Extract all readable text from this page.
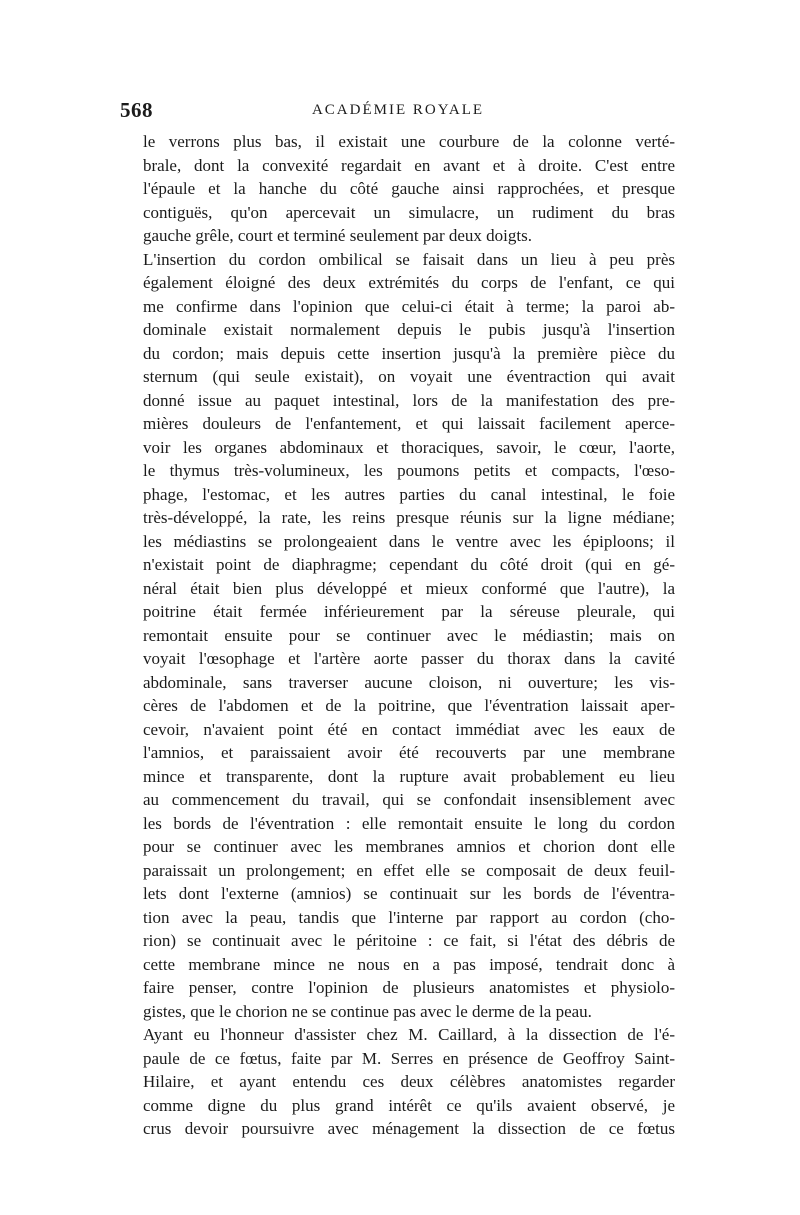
568	ACADÉMIE ROYALE
le verrons plus bas, il existait une courbure de la colonne verté-
brale, dont la convexité regardait en avant et à droite. C'est entre
l'épaule et la hanche du côté gauche ainsi rapprochées, et presque
contiguës, qu'on apercevait un simulacre, un rudiment du bras
gauche grêle, court et terminé seulement par deux doigts.
L'insertion du cordon ombilical se faisait dans un lieu à peu près
également éloigné des deux extrémités du corps de l'enfant, ce qui
me confirme dans l'opinion que celui-ci était à terme; la paroi ab-
dominale existait normalement depuis le pubis jusqu'à l'insertion
du cordon; mais depuis cette insertion jusqu'à la première pièce du
sternum (qui seule existait), on voyait une éventraction qui avait
donné issue au paquet intestinal, lors de la manifestation des pre-
mières douleurs de l'enfantement, et qui laissait facilement aperce-
voir les organes abdominaux et thoraciques, savoir, le cœur, l'aorte,
le thymus très-volumineux, les poumons petits et compacts, l'œso-
phage, l'estomac, et les autres parties du canal intestinal, le foie
très-développé, la rate, les reins presque réunis sur la ligne médiane;
les médiastins se prolongeaient dans le ventre avec les épiploons; il
n'existait point de diaphragme; cependant du côté droit (qui en gé-
néral était bien plus développé et mieux conformé que l'autre), la
poitrine était fermée inférieurement par la séreuse pleurale, qui
remontait ensuite pour se continuer avec le médiastin; mais on
voyait l'œsophage et l'artère aorte passer du thorax dans la cavité
abdominale, sans traverser aucune cloison, ni ouverture; les vis-
cères de l'abdomen et de la poitrine, que l'éventration laissait aper-
cevoir, n'avaient point été en contact immédiat avec les eaux de
l'amnios, et paraissaient avoir été recouverts par une membrane
mince et transparente, dont la rupture avait probablement eu lieu
au commencement du travail, qui se confondait insensiblement avec
les bords de l'éventration : elle remontait ensuite le long du cordon
pour se continuer avec les membranes amnios et chorion dont elle
paraissait un prolongement; en effet elle se composait de deux feuil-
lets dont l'externe (amnios) se continuait sur les bords de l'éventra-
tion avec la peau, tandis que l'interne par rapport au cordon (cho-
rion) se continuait avec le péritoine : ce fait, si l'état des débris de
cette membrane mince ne nous en a pas imposé, tendrait donc à
faire penser, contre l'opinion de plusieurs anatomistes et physiolo-
gistes, que le chorion ne se continue pas avec le derme de la peau.
Ayant eu l'honneur d'assister chez M. Caillard, à la dissection de l'é-
paule de ce fœtus, faite par M. Serres en présence de Geoffroy Saint-
Hilaire, et ayant entendu ces deux célèbres anatomistes regarder
comme digne du plus grand intérêt ce qu'ils avaient observé, je
crus devoir poursuivre avec ménagement la dissection de ce fœtus
